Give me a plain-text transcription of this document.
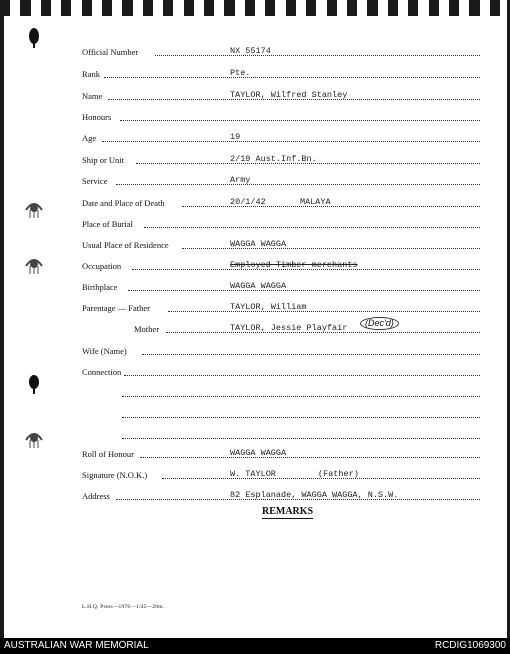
Official Number	NX 55174
Rank	Pte.
Name	TAYLOR, Wilfred Stanley
Honours
Age	19
Ship or Unit	2/19 Aust.Inf.Bn.
Service	Army
Date and Place of Death	20/1/42	MALAYA
Place of Burial
Usual Place of Residence	WAGGA WAGGA
Occupation	Employed Timber merchants
Birthplace	WAGGA WAGGA
Parentage — Father	TAYLOR, William
Mother	TAYLOR, Jessie Playfair	(Dec'd)
Wife (Name)
Connection
Roll of Honour	WAGGA WAGGA
Signature (N.O.K.)	W. TAYLOR	(Father)
Address	82 Esplanade, WAGGA WAGGA, N.S.W.
REMARKS
L.H.Q. Press—1976—1/45—20m.
AUSTRALIAN WAR MEMORIAL	RCDIG1069300
